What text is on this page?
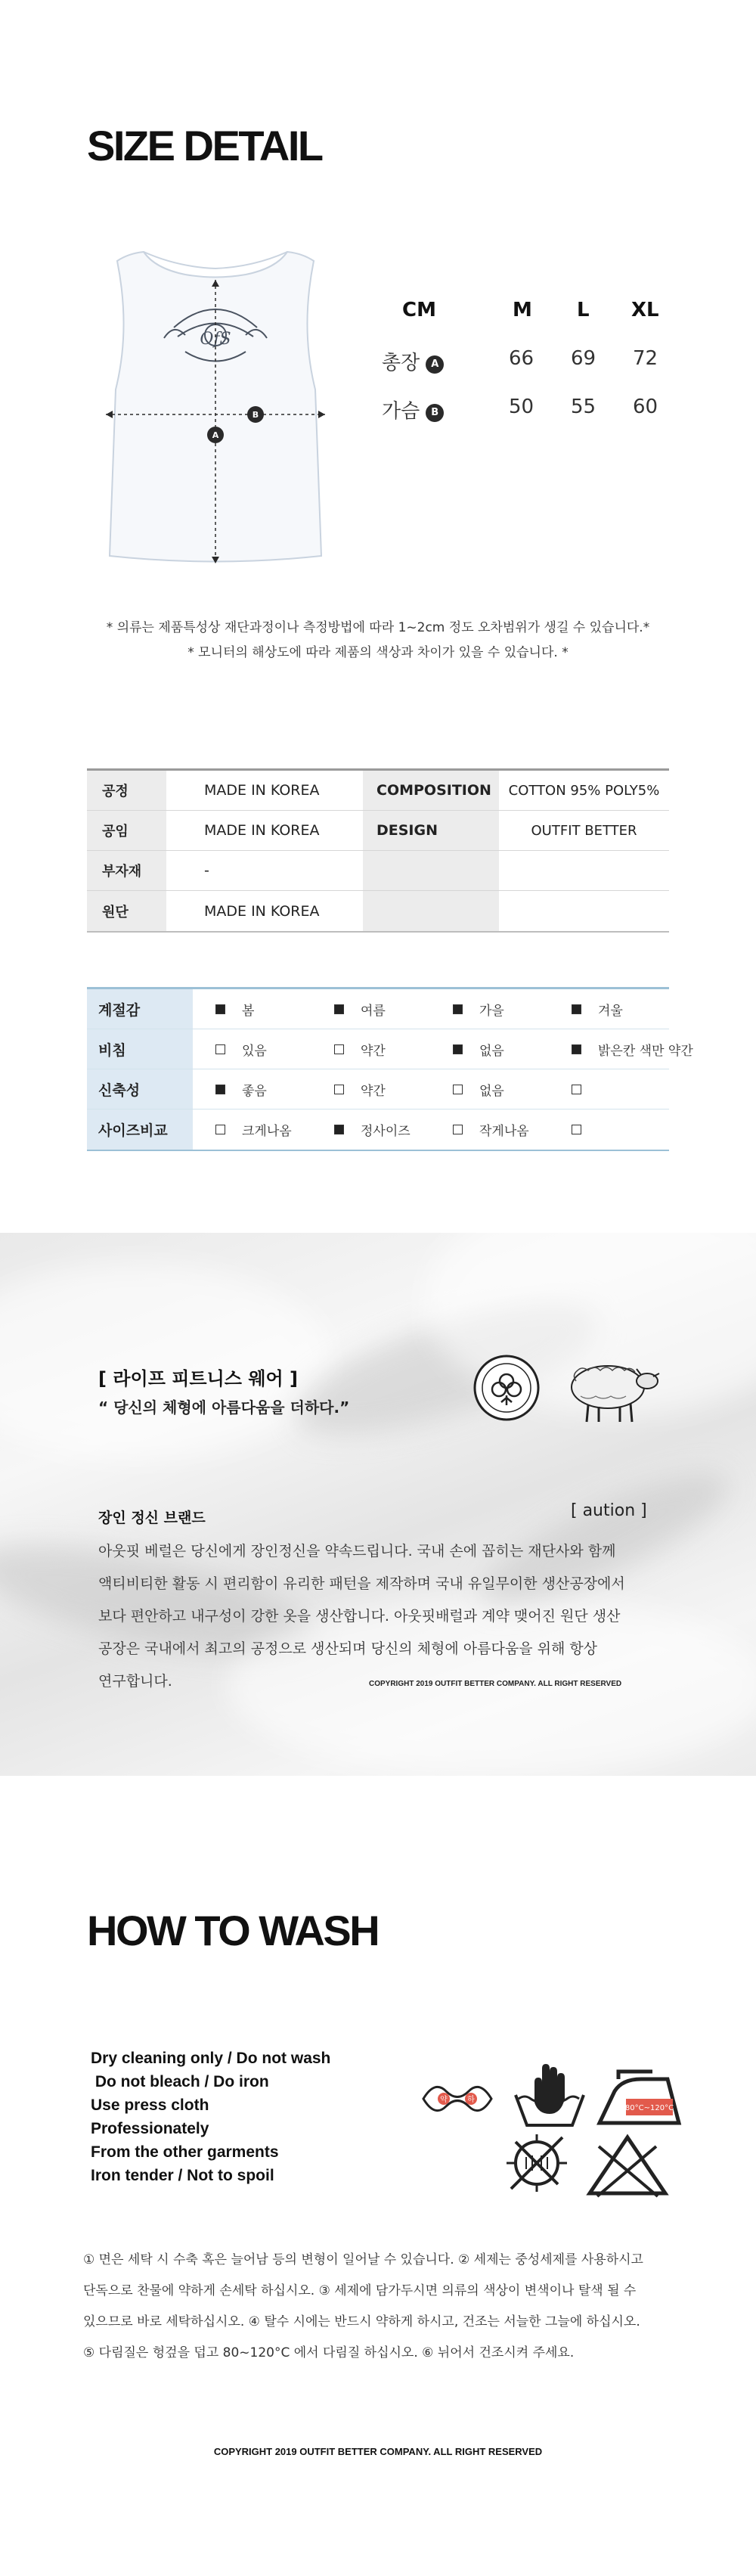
SIZE DETAIL
OfS
B
A
CM	M L XL
총장 A	66 69 72
가슴 B	50 55 60
* 의류는 제품특성상 재단과정이나 측정방법에 따라 1~2cm 정도 오차범위가 생길 수 있습니다.*
* 모니터의 해상도에 따라 제품의 색상과 차이가 있을 수 있습니다. *
공정	MADE IN KOREA	COMPOSITION	COTTON 95% POLY5%
공임	MADE IN KOREA	DESIGN	OUTFIT BETTER
부자재	-
원단	MADE IN KOREA
계절감	봄	여름	가을	겨울
비침	있음	약간	없음	밝은칸 색만 약간
신축성	좋음	약간	없음
사이즈비교	크게나옴	정사이즈	작게나옴
[ 라이프 피트니스 웨어 ]
“ 당신의 체형에 아름다움을 더하다.”
장인 정신 브랜드	[ aution ]
아웃핏 베럴은 당신에게 장인정신을 약속드립니다. 국내 손에 꼽히는 재단사와 함께
액티비티한 활동 시 편리함이 유리한 패턴을 제작하며 국내 유일무이한 생산공장에서
보다 편안하고 내구성이 강한 옷을 생산합니다. 아웃핏배럴과 계약 맺어진 원단 생산
공장은 국내에서 최고의 공정으로 생산되며 당신의 체형에 아름다움을 위해 항상
연구합니다.	COPYRIGHT 2019 OUTFIT BETTER COMPANY. ALL RIGHT RESERVED
HOW TO WASH
Dry cleaning only / Do not wash
Do not bleach / Do iron
Use press cloth
Professionately
From the other garments
Iron tender / Not to spoil
약	하
80°C~120°C
① 면은 세탁 시 수축 혹은 늘어남 등의 변형이 일어날 수 있습니다. ② 세제는 중성세제를 사용하시고
단독으로 찬물에 약하게 손세탁 하십시오. ③ 세제에 담가두시면 의류의 색상이 변색이나 탈색 될 수
있으므로 바로 세탁하십시오. ④ 탈수 시에는 반드시 약하게 하시고, 건조는 서늘한 그늘에 하십시오.
⑤ 다림질은 헝겊을 덥고 80~120°C 에서 다림질 하십시오. ⑥ 뉘어서 건조시켜 주세요.
COPYRIGHT 2019 OUTFIT BETTER COMPANY. ALL RIGHT RESERVED
